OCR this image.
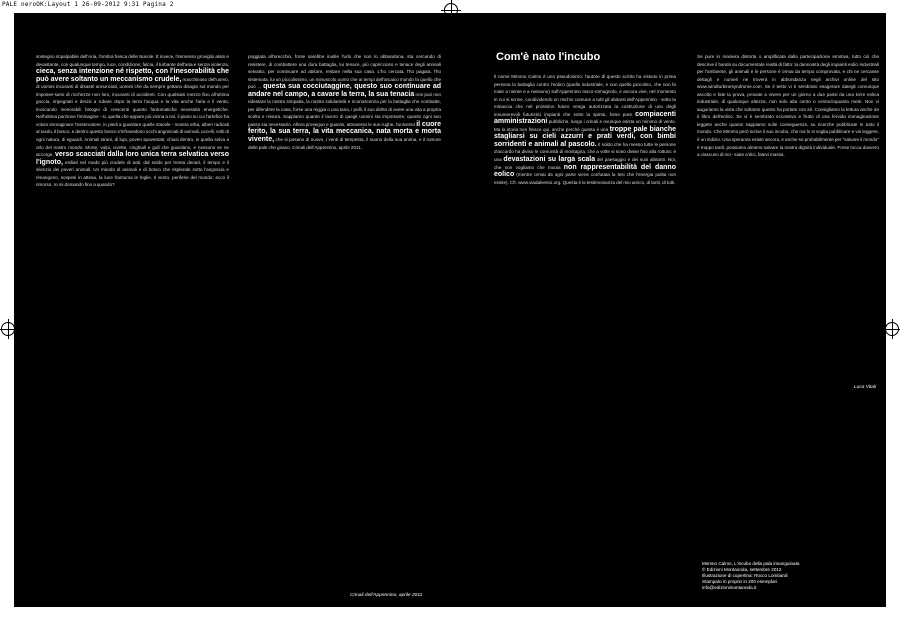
PALE neroOK:Layout 1 26-09-2012 9:31 Pagina 2
sostegno impalpabile dell'Aria, l'ombra fresca delle Nuvole. E invece, l'immenso groviglio alato e devastante, con qualunque tempo, luce, condizione; falcia, il turbante dell'aria e senza violenza, cieca, senza intenzione né rispetto, con l'inesorabilità che può avere soltanto un meccanismo crudele, macchinoso dell'uomo, di uomini incuranti di disastri annunciati, uomini che da sempre gettano disagio sul mondo per imposse-sarsi di ricchezze non loro, incuranti di accidenti. Con qualsiasi mezzo fino all'ultima goccia, impegnati e decisi a rubare dopo la terra l'acqua e la vita anche l'aria e il vento, invocando inesorabili bisogni di crescenti quanto fantomatiche necessità energetiche. Nell'ultima porzione l'immagine - si, quella che appare più vicina a noi, il piano su cui l'artefice ha voluto immaginare l'osservatore, in piedi a guardare quelle stacele - mostra erba, alberi radicati al suolo, il bosco, e dentro questo bosco s'infravedono occhi angosciati di animali, uccelli, volti di ogni natura, di sguardi. Animali strani, di lupi, poveri spaventati, chiusi dentro, in quella selva a orlo del nostro mondo. Morte, volpi, civette, cinghiali e gufi che guardano, e nessuno se ne accorge, verso scacciati dalla loro unica terra selvatica verso l'ignoto, esiliati nel modo più crudele di tutti, dal soldo per trenta denari, il tempo e il silenzio dei poveri animali. Un mondo di animali e di bosco che risplende sotto l'angoscia e rimangono, sospesi in attesa, la luce frantuma le foglie. Il vento, periferie del mondo: ecco il rimorso. Io mi domando fino a quando?
poggiata all'orecchio, forse sarebbe inutile l'urlo che non lo abbandona, sta cercando di resistere, di combattere una dura battaglia, lui tenace, più capriccioso e tenace degli animali selvatici, per continuare ad abitare, restare nella sua casa. L'ho cercata, l'ho pagata, l'ho sistemata, lui un piccolissimo, un minuscolo uomo che ai tempi dell'arcaico mondo fa quello che può ... questa sua cocciutaggine, questo suo continuare ad andare nel campo, a cavare la terra, la sua tenacia non può non ridestare la nostra simpatia, la nostra solidarietà e riconoscenza per la battaglia che combatte, per difendere la casa, forse una reggia o una tana, i polli, il suo diritto di avere una vita a propria scelta e misura. Sappiamo quanto il lavoro di quegli uomini sia importante, quanto ogni suo passo sia necessario. Allora proseguo e guardo, attraverso le sue rughe, l'universo il cuore ferito, la sua terra, la vita meccanica, nata morta e morta vivente, che si posano di nuovo, i venti di tempesta, il suono della sua anima, e il rumore delle pale che girano. Crinali dell'Appennino, aprile 2011.
Crinali dell'Appennino, aprile 2011
Com'è nato l'incubo
Il nome Mimmo Calmo è uno pseudonimo: l'autore di questo scritto ha vissuto in prima persona la battaglia contro l'eolico (quello industriale, e non quello piccolino, che non fa male a niente e a nessuno) sull'Appennino tosco-romagnolo, e ancora vive, nel momento in cui si scrive, condividendo un rischio comune a tutti gli abitanti dell'Appennino - sotto la minaccia che nel prossimo futuro venga autorizzata la costruzione di uno degli innumerevoli futuristici impianti che sotto la spinta, forse pure compiacenti amministrazioni pubbliche, lungo i crinali e ovunque esista un minimo di vento. Ma la storia non finisce qui, anche perché questa è una troppe pale bianche stagliarsi su cieli azzurri e prati verdi, con bimbi sorridenti e animali al pascolo. Il soldo che ha messo tutte le persone d'accordo ha diviso le comunità di montagna, che a volte si sono divise fino alla rottura: è una devastazioni su larga scala del paesaggio e dei suoi abitanti. Noi, che non vogliamo che muoia non rappresentabilità del danno eolico (mentre ormai da ogni parte viene confutata la tesi che l'energia pulita non esiste). Cfr. www.viadalvento.org. Questa è la testimonianza del mio amico, di tanti, di tutti.
Se pure in maniera distorta o amplificata dalla partecipazione emotiva, tutto ciò che descrive il bando su documentate realtà di fatto: la dannosità degli impianti eolici industriali per l'ambiente, gli animali e le persone è ormai da tempo comprovata, e chi ne cercasse dettagli e numeri ne troverà in abbondanza negli archivi online del sito www.windturbinesyndrome.com. Se il testo vi è sembrato esagerare dategli comunque ascolto e fate la prova, provate a vivere per un giorno a due passi da una torre eolica industriale, di qualunque altezza, non solo alta cento o centocinquanta metri. Non vi auguriamo la vista che soltanto questo ha portato con sé. Consigliamo la lettura anche de Il libro dell'eolico. Se vi è sembrato eccessivo e frutto di una fervida immaginazione leggete anche quanto sappiamo sulle conseguenze, su ricerche pubblicate in tutto il mondo. Che Mimmo però scrive il suo incubo, che noi lo si voglia pubblicare e voi leggere, è un indizio. Una speranza esiste ancora, e anche se probabilmente per "salvare il mondo" è troppo tardi, possiamo almeno salvare la nostra dignità individuale. Forse tocca davvero a ciascuno di noi - siate critici, fatevi massa.
Luca Vitali
Mimmo Calmo, L'incubo della pala insanguinata
© Edizioni Montaonda, settembre 2012
Illustrazione di copertina: Rocco Lombardi
Stampato in proprio in 200 esemplari
info@edizionimontaonda.it
